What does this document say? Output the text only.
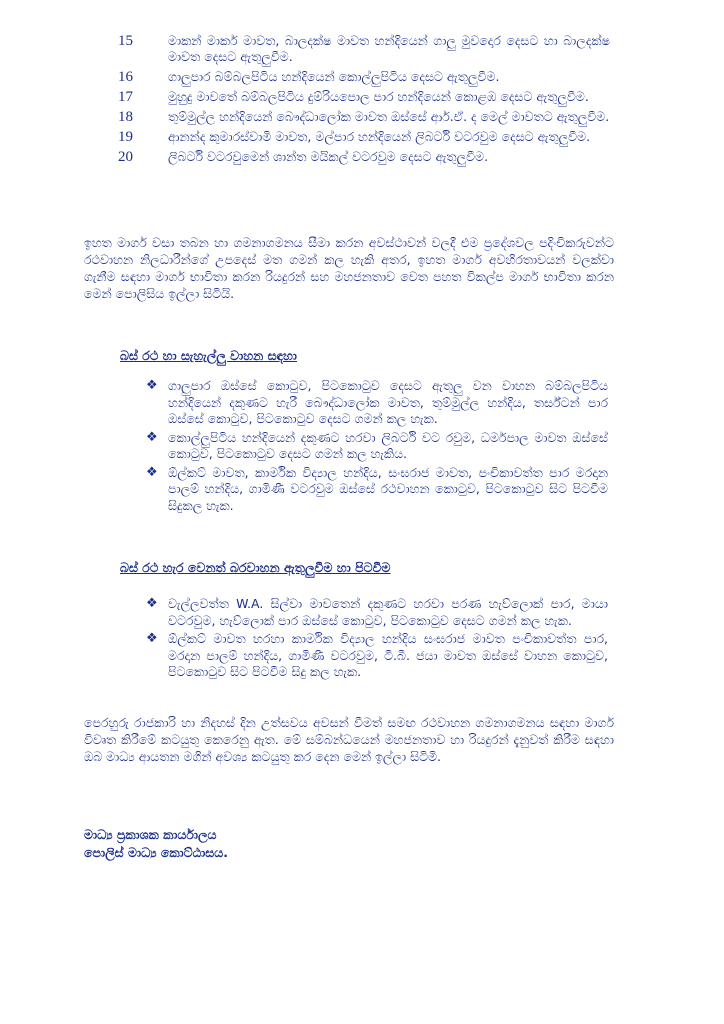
15	මාකන් මාකර් මාවත, බාලදක්ෂ මාවත හන්දියෙන් ගාලු මුවදොර දෙසට හා බාලදක්ෂ මාවත දෙසට ඇතුලුවීම.
16	ගාලුපාර බම්බලපිටිය හන්දියෙන් කොල්ලුපිටිය දෙසට ඇතුලුවීම.
17	මුහුදු මාවතේ බම්බලපිටිය දුම්රියපොල පාර හන්දියෙන් කොළඹ දෙසට ඇතුලුවීම.
18	තුම්මුල්ල හන්දියෙන් බෞද්ධාලෝක මාවත ඔස්සේ ආර්.ඒ. ද මෙල් මාවතට ඇතුලුවීම.
19	ආනන්ද කුමාරස්වාමි මාවත, මල්පාර හන්දියෙන් ලිබර්ටි වටරවුම දෙසට ඇතුලුවීම.
20	ලිබර්ටි වටරවුමෙන් ශාන්ත මයිකල් වටරවුම දෙසට ඇතුලුවීම.

ඉහත මාර්ග වසා තබන හා ගමනාගමනය සීමා කරන අවස්ථාවන් වලදී එම ප්‍රදේශවල පදිංචිකරුවන්ට රථවාහන නිලධාරීන්ගේ උපදෙස් මත ගමන් කල හැකි අතර, ඉහත මාර්ග අවහිරතාවයන් වලක්වා ගැනීම සඳහා මාර්ග භාවිතා කරන රියදුරන් සහ මහජනතාව වෙත පහත විකල්ප මාර්ග භාවිතා කරන මෙන් පොලිසිය ඉල්ලා සිටියි.

බස් රථ හා සැහැල්ලු වාහන සඳහා
❖ ගාලුපාර ඔස්සේ කොටුව, පිටකොටුව දෙසට ඇතුලු වන වාහන බම්බලපිටිය හන්දියෙන් දකුණට හැරී බෞද්ධාලෝක මාවත, තුම්මුල්ල හන්දිය, තර්ස්ටන් පාර ඔස්සේ කොටුව, පිටකොටුව දෙසට ගමන් කල හැක.
❖ කොල්ලුපිටිය හන්දියෙන් දකුණට හරවා ලිබර්ටි වට රවුම, ධර්මපාල මාවත ඔස්සේ කොටුව, පිටකොටුව දෙසට ගමන් කල හැකිය.
❖ ඕල්කට් මාවත, කාර්මික විද්‍යාල හන්දිය, සංඝරාජ මාවත, පංචිකාවත්ත පාර මරදාන පාලම් හන්දිය, ගාමිණී වටරවුම ඔස්සේ රථවාහන කොටුව, පිටකොටුව සිට පිටවීම සිදුකල හැක.
බස් රථ හැර වෙනත් බරවාහන ඇතුලුවීම හා පිටවීම
❖ වැල්ලවත්ත W.A. සිල්වා මාවතෙන් දකුණට හරවා පරණ හැව්ලොක් පාර, මායා වටරවුම, හැව්ලොක් පාර ඔස්සේ කොටුව, පිටකොටුව දෙසට ගමන් කල හැක.
❖ ඕල්කට් මාවත හරහා කාර්මික විද්‍යාල හන්දිය සංඝරාජ මාවත පංචිකාවත්ත පාර, මරදාන පාලම් හන්දිය, ගාමිණී වටරවුම, ටී.බී. ජයා මාවත ඔස්සේ වාහන කොටුව, පිටකොටුව සිට පිටවීම සිදු කල හැක.

පෙරහුරු රාජකාරි හා නිදහස් දින උත්සවය අවසන් වීමත් සමඟ රථවාහන ගමනාගමනය සඳහා මාර්ග විවෘත කිරීමේ කටයුතු කෙරෙනු ඇත. මේ සම්බන්ධයෙන් මහජනතාව හා රියදුරන් දැනුවත් කිරීම සඳහා ඔබ මාධ්‍ය ආයතන මගින් අවශ්‍ය කටයුතු කර දෙන මෙන් ඉල්ලා සිටිමි.

මාධ්‍ය ප්‍රකාශක කාර්යාලය
පොලිස් මාධ්‍ය කොට්ඨාසය.
